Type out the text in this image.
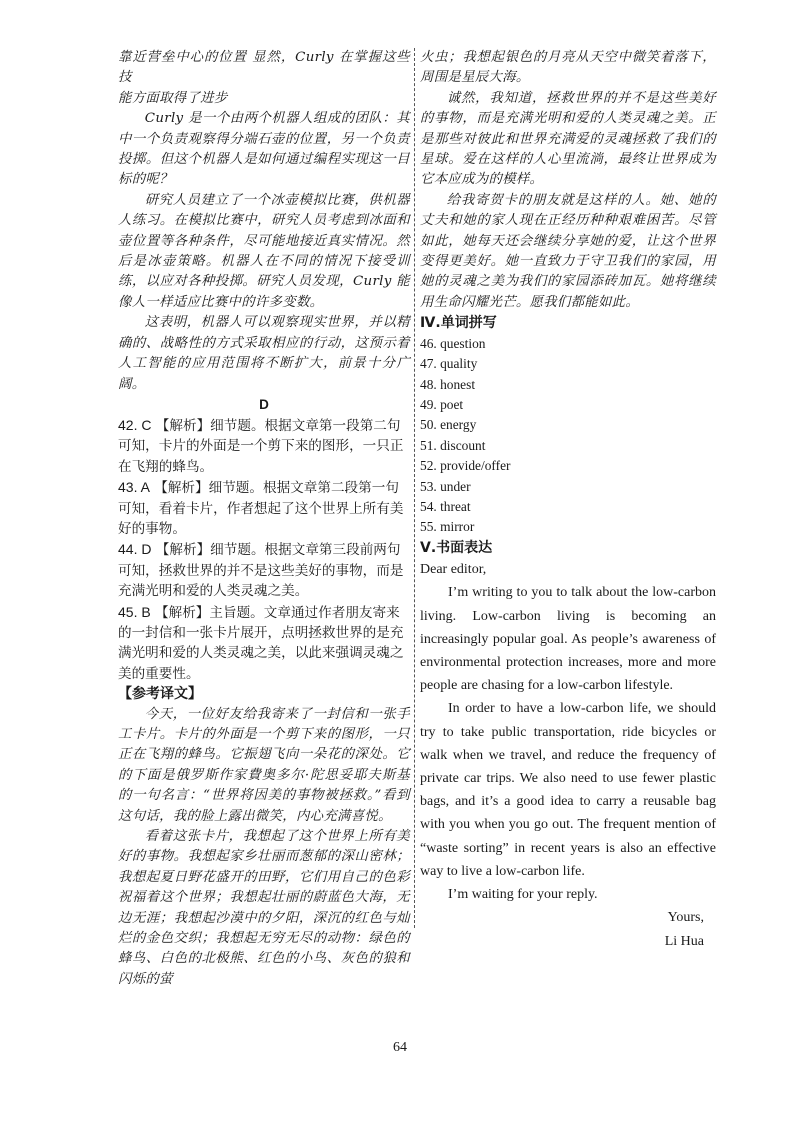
靠近营垒中心的位置 显然，Curly 在掌握这些技

能方面取得了进步

Curly 是一个由两个机器人组成的团队：其中一个负责观察得分端石壶的位置，另一个负责投掷。但这个机器人是如何通过编程实现这一目标的呢？

研究人员建立了一个冰壶模拟比赛，供机器人练习。在模拟比赛中，研究人员考虑到冰面和壶位置等各种条件，尽可能地接近真实情况。然后是冰壶策略。机器人在不同的情况下接受训练，以应对各种投掷。研究人员发现，Curly 能像人一样适应比赛中的许多变数。

这表明，机器人可以观察现实世界，并以精确的、战略性的方式采取相应的行动，这预示着人工智能的应用范围将不断扩大，前景十分广阔。

D

42. C 【解析】细节题。根据文章第一段第二句可知，卡片的外面是一个剪下来的图形，一只正在飞翔的蜂鸟。
43. A 【解析】细节题。根据文章第二段第一句可知，看着卡片，作者想起了这个世界上所有美好的事物。
44. D 【解析】细节题。根据文章第三段前两句可知，拯救世界的并不是这些美好的事物，而是充满光明和爱的人类灵魂之美。
45. B 【解析】主旨题。文章通过作者朋友寄来的一封信和一张卡片展开，点明拯救世界的是充满光明和爱的人类灵魂之美，以此来强调灵魂之美的重要性。

【参考译文】

今天，一位好友给我寄来了一封信和一张手工卡片。卡片的外面是一个剪下来的图形，一只正在飞翔的蜂鸟。它振翅飞向一朵花的深处。它的下面是俄罗斯作家費奥多尔·陀思妥耶夫斯基的一句名言：“世界将因美的事物被拯救。”看到这句话，我的脸上露出微笑，内心充满喜悦。

看着这张卡片，我想起了这个世界上所有美好的事物。我想起家乡壮丽而葱郁的深山密林；我想起夏日野花盛开的田野，它们用自己的色彩祝福着这个世界；我想起壮丽的蔚蓝色大海，无边无涯；我想起沙漠中的夕阳，深沉的红色与灿烂的金色交织；我想起无穷无尽的动物：绿色的蜂鸟、白色的北极熊、红色的小鸟、灰色的狼和闪烁的萤

火虫；我想起银色的月亮从天空中微笑着落下，周围是星辰大海。

诚然，我知道，拯救世界的并不是这些美好的事物，而是充满光明和爱的人类灵魂之美。正是那些对彼此和世界充满爱的灵魂拯救了我们的星球。爱在这样的人心里流淌，最终让世界成为它本应成为的模样。

给我寄贺卡的朋友就是这样的人。她、她的丈夫和她的家人现在正经历种种艰难困苦。尽管如此，她每天还会继续分享她的爱，让这个世界变得更美好。她一直致力于守卫我们的家园，用她的灵魂之美为我们的家园添砖加瓦。她将继续用生命闪耀光芒。愿我们都能如此。

Ⅳ.单词拼写

46. question
47. quality
48. honest
49. poet
50. energy
51. discount
52. provide/offer
53. under
54. threat
55. mirror

Ⅴ.书面表达

Dear editor,

I’m writing to you to talk about the low-carbon living. Low-carbon living is becoming an increasingly popular goal. As people’s awareness of environmental protection increases, more and more people are chasing for a low-carbon lifestyle.

In order to have a low-carbon life, we should try to take public transportation, ride bicycles or walk when we travel, and reduce the frequency of private car trips. We also need to use fewer plastic bags, and it’s a good idea to carry a reusable bag with you when you go out. The frequent mention of “waste sorting” in recent years is also an effective way to live a low-carbon life.

I’m waiting for your reply.

Yours,

Li Hua

64
